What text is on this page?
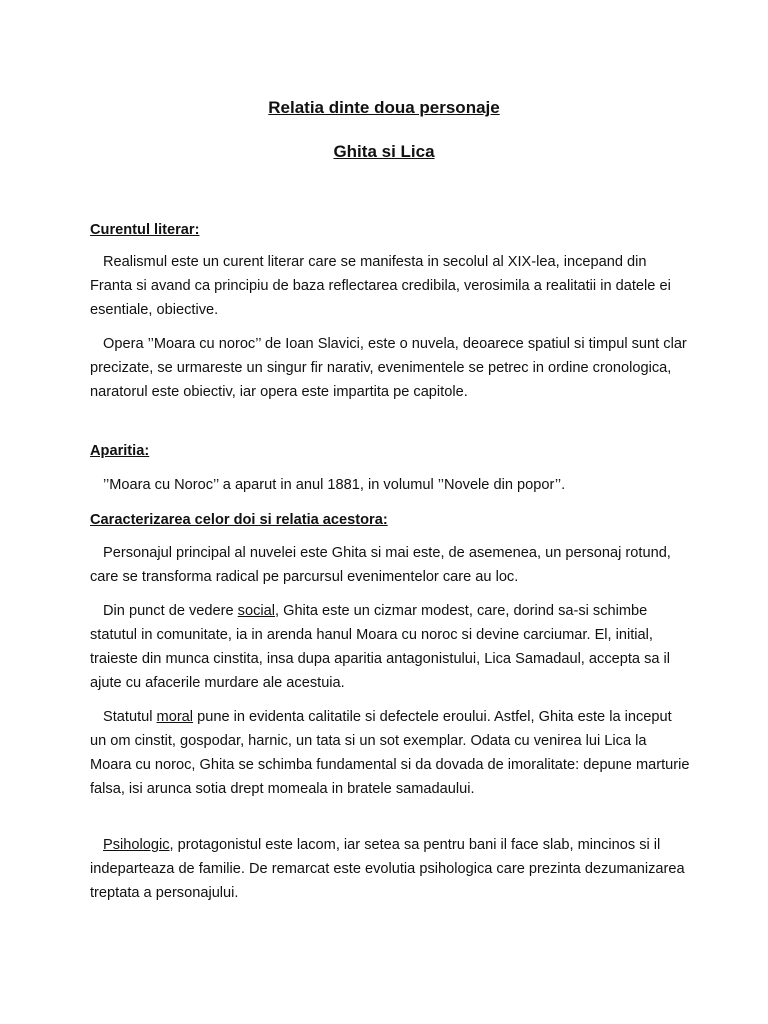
Relatia dinte doua personaje
Ghita si Lica
Curentul literar:
Realismul este un curent literar care se manifesta in secolul al XIX-lea, incepand din Franta si avand ca principiu de baza reflectarea credibila, verosimila a realitatii in datele ei esentiale, obiective.
Opera ’’Moara cu noroc’’ de Ioan Slavici, este o nuvela, deoarece spatiul si timpul sunt clar precizate, se urmareste un singur fir narativ, evenimentele se petrec in ordine cronologica, naratorul este obiectiv, iar opera este impartita pe capitole.
Aparitia:
’’Moara cu Noroc’’ a aparut in anul 1881, in volumul ’’Novele din popor’’.
Caracterizarea celor doi si relatia acestora:
Personajul principal al nuvelei este Ghita si mai este, de asemenea, un personaj rotund, care se transforma radical pe parcursul evenimentelor care au loc.
Din punct de vedere social, Ghita este un cizmar modest, care, dorind sa-si schimbe statutul in comunitate, ia in arenda hanul Moara cu noroc si devine carciumar. El, initial, traieste din munca cinstita, insa dupa aparitia antagonistului, Lica Samadaul, accepta sa il ajute cu afacerile murdare ale acestuia.
Statutul moral pune in evidenta calitatile si defectele eroului. Astfel, Ghita este la inceput un om cinstit, gospodar, harnic, un tata si un sot exemplar. Odata cu venirea lui Lica la Moara cu noroc, Ghita se schimba fundamental si da dovada de imoralitate: depune marturie falsa, isi arunca sotia drept momeala in bratele samadaului.
Psihologic, protagonistul este lacom, iar setea sa pentru bani il face slab, mincinos si il indeparteaza de familie. De remarcat este evolutia psihologica care prezinta dezumanizarea treptata a personajului.
